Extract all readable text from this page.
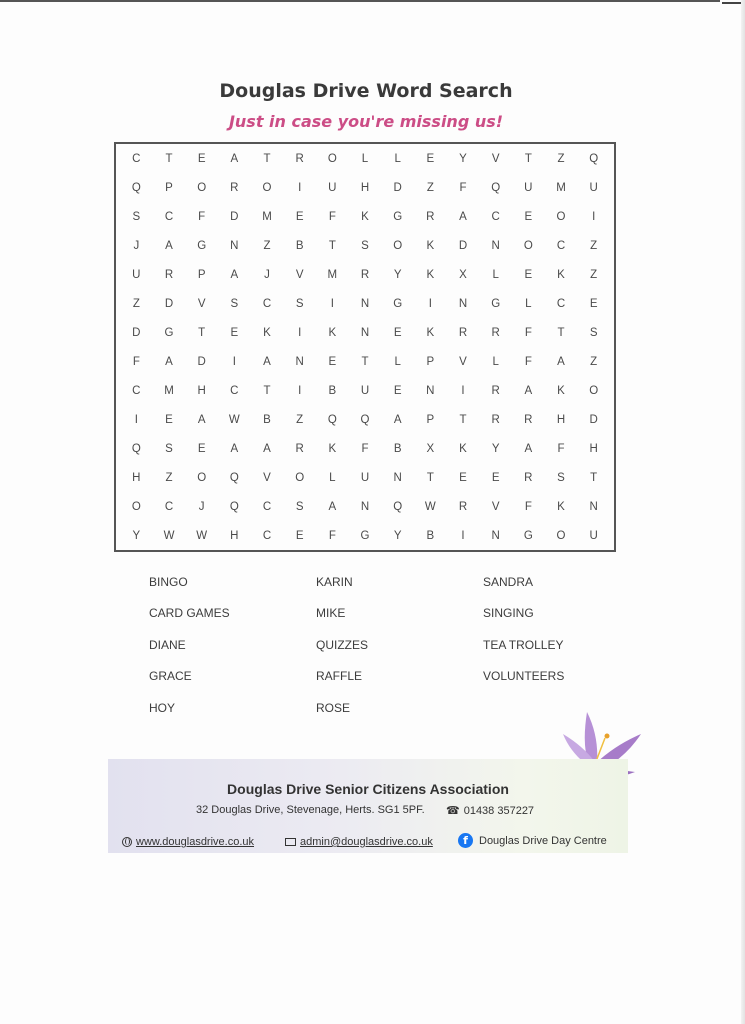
Douglas Drive Word Search
Just in case you're missing us!
C	T	E	A	T	R	O	L	L	E	Y	V	T	Z	Q
Q	P	O	R	O	I	U	H	D	Z	F	Q	U	M	U
S	C	F	D	M	E	F	K	G	R	A	C	E	O	I
J	A	G	N	Z	B	T	S	O	K	D	N	O	C	Z
U	R	P	A	J	V	M	R	Y	K	X	L	E	K	Z
Z	D	V	S	C	S	I	N	G	I	N	G	L	C	E
D	G	T	E	K	I	K	N	E	K	R	R	F	T	S
F	A	D	I	A	N	E	T	L	P	V	L	F	A	Z
C	M	H	C	T	I	B	U	E	N	I	R	A	K	O
I	E	A	W	B	Z	Q	Q	A	P	T	R	R	H	D
Q	S	E	A	A	R	K	F	B	X	K	Y	A	F	H
H	Z	O	Q	V	O	L	U	N	T	E	E	R	S	T
O	C	J	Q	C	S	A	N	Q	W	R	V	F	K	N
Y	W	W	H	C	E	F	G	Y	B	I	N	G	O	U
BINGO	KARIN	SANDRA
CARD GAMES	MIKE	SINGING
DIANE	QUIZZES	TEA TROLLEY
GRACE	RAFFLE	VOLUNTEERS
HOY	ROSE
Douglas Drive Senior Citizens Association
32 Douglas Drive, Stevenage, Herts. SG1 5PF. ☎ 01438 357227
www.douglasdrive.co.uk	admin@douglasdrive.co.uk	f	Douglas Drive Day Centre
